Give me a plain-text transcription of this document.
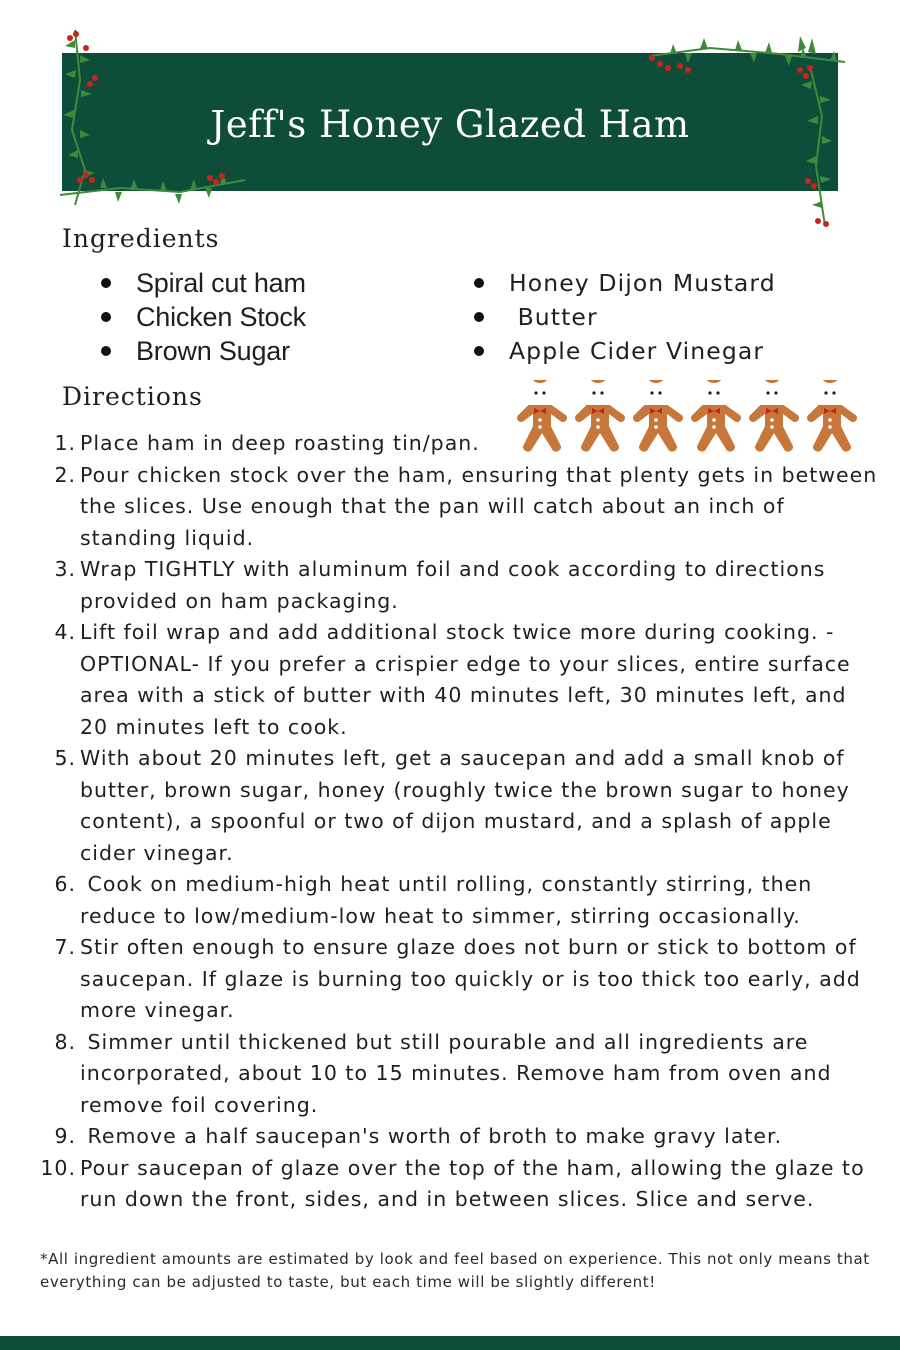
Jeff's Honey Glazed Ham
Ingredients
Spiral cut ham
Chicken Stock
Brown Sugar
Honey Dijon Mustard
Butter
Apple Cider Vinegar
Directions
1. Place ham in deep roasting tin/pan.
2. Pour chicken stock over the ham, ensuring that plenty gets in between the slices. Use enough that the pan will catch about an inch of standing liquid.
3. Wrap TIGHTLY with aluminum foil and cook according to directions provided on ham packaging.
4. Lift foil wrap and add additional stock twice more during cooking. -OPTIONAL- If you prefer a crispier edge to your slices, entire surface area with a stick of butter with 40 minutes left, 30 minutes left, and 20 minutes left to cook.
5. With about 20 minutes left, get a saucepan and add a small knob of butter, brown sugar, honey (roughly twice the brown sugar to honey content), a spoonful or two of dijon mustard, and a splash of apple cider vinegar.
6. Cook on medium-high heat until rolling, constantly stirring, then reduce to low/medium-low heat to simmer, stirring occasionally.
7. Stir often enough to ensure glaze does not burn or stick to bottom of saucepan. If glaze is burning too quickly or is too thick too early, add more vinegar.
8. Simmer until thickened but still pourable and all ingredients are incorporated, about 10 to 15 minutes. Remove ham from oven and remove foil covering.
9. Remove a half saucepan's worth of broth to make gravy later.
10. Pour saucepan of glaze over the top of the ham, allowing the glaze to run down the front, sides, and in between slices. Slice and serve.

*All ingredient amounts are estimated by look and feel based on experience. This not only means that everything can be adjusted to taste, but each time will be slightly different!
